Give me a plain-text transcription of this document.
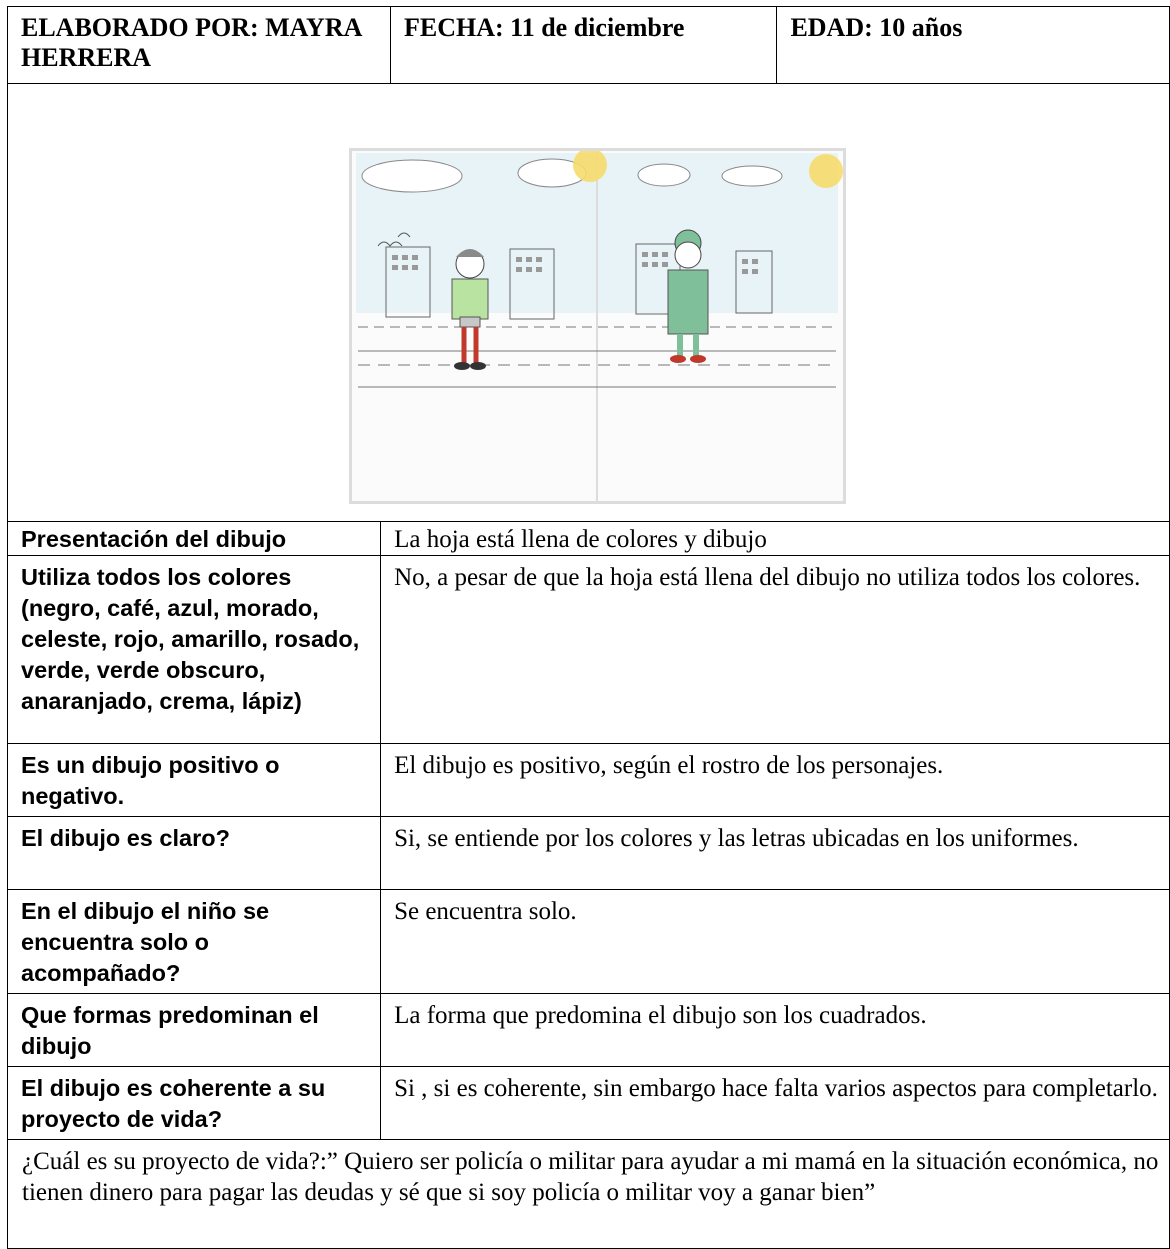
ELABORADO POR: MAYRA HERRERA	FECHA: 11 de diciembre	EDAD: 10 años
Presentación del dibujo	La hoja está llena de colores y dibujo
Utiliza todos los colores (negro, café, azul, morado, celeste, rojo, amarillo, rosado, verde, verde obscuro, anaranjado, crema, lápiz)	No, a pesar de que la hoja está llena del dibujo no utiliza todos los colores.
Es un dibujo positivo o negativo.	El dibujo es positivo, según el rostro de los personajes.
El dibujo es claro?	Si, se entiende por los colores y las letras ubicadas en los uniformes.
En el dibujo el niño se encuentra solo o acompañado?	Se encuentra solo.
Que formas predominan el dibujo	La forma que predomina el dibujo son los cuadrados.
El dibujo es coherente a su proyecto de vida?	Si , si es coherente, sin embargo hace falta varios aspectos para completarlo.
¿Cuál es su proyecto de vida?:” Quiero ser policía o militar para ayudar a mi mamá en la situación económica, no tienen dinero para pagar las deudas y sé que si soy policía o militar voy a ganar bien”	
